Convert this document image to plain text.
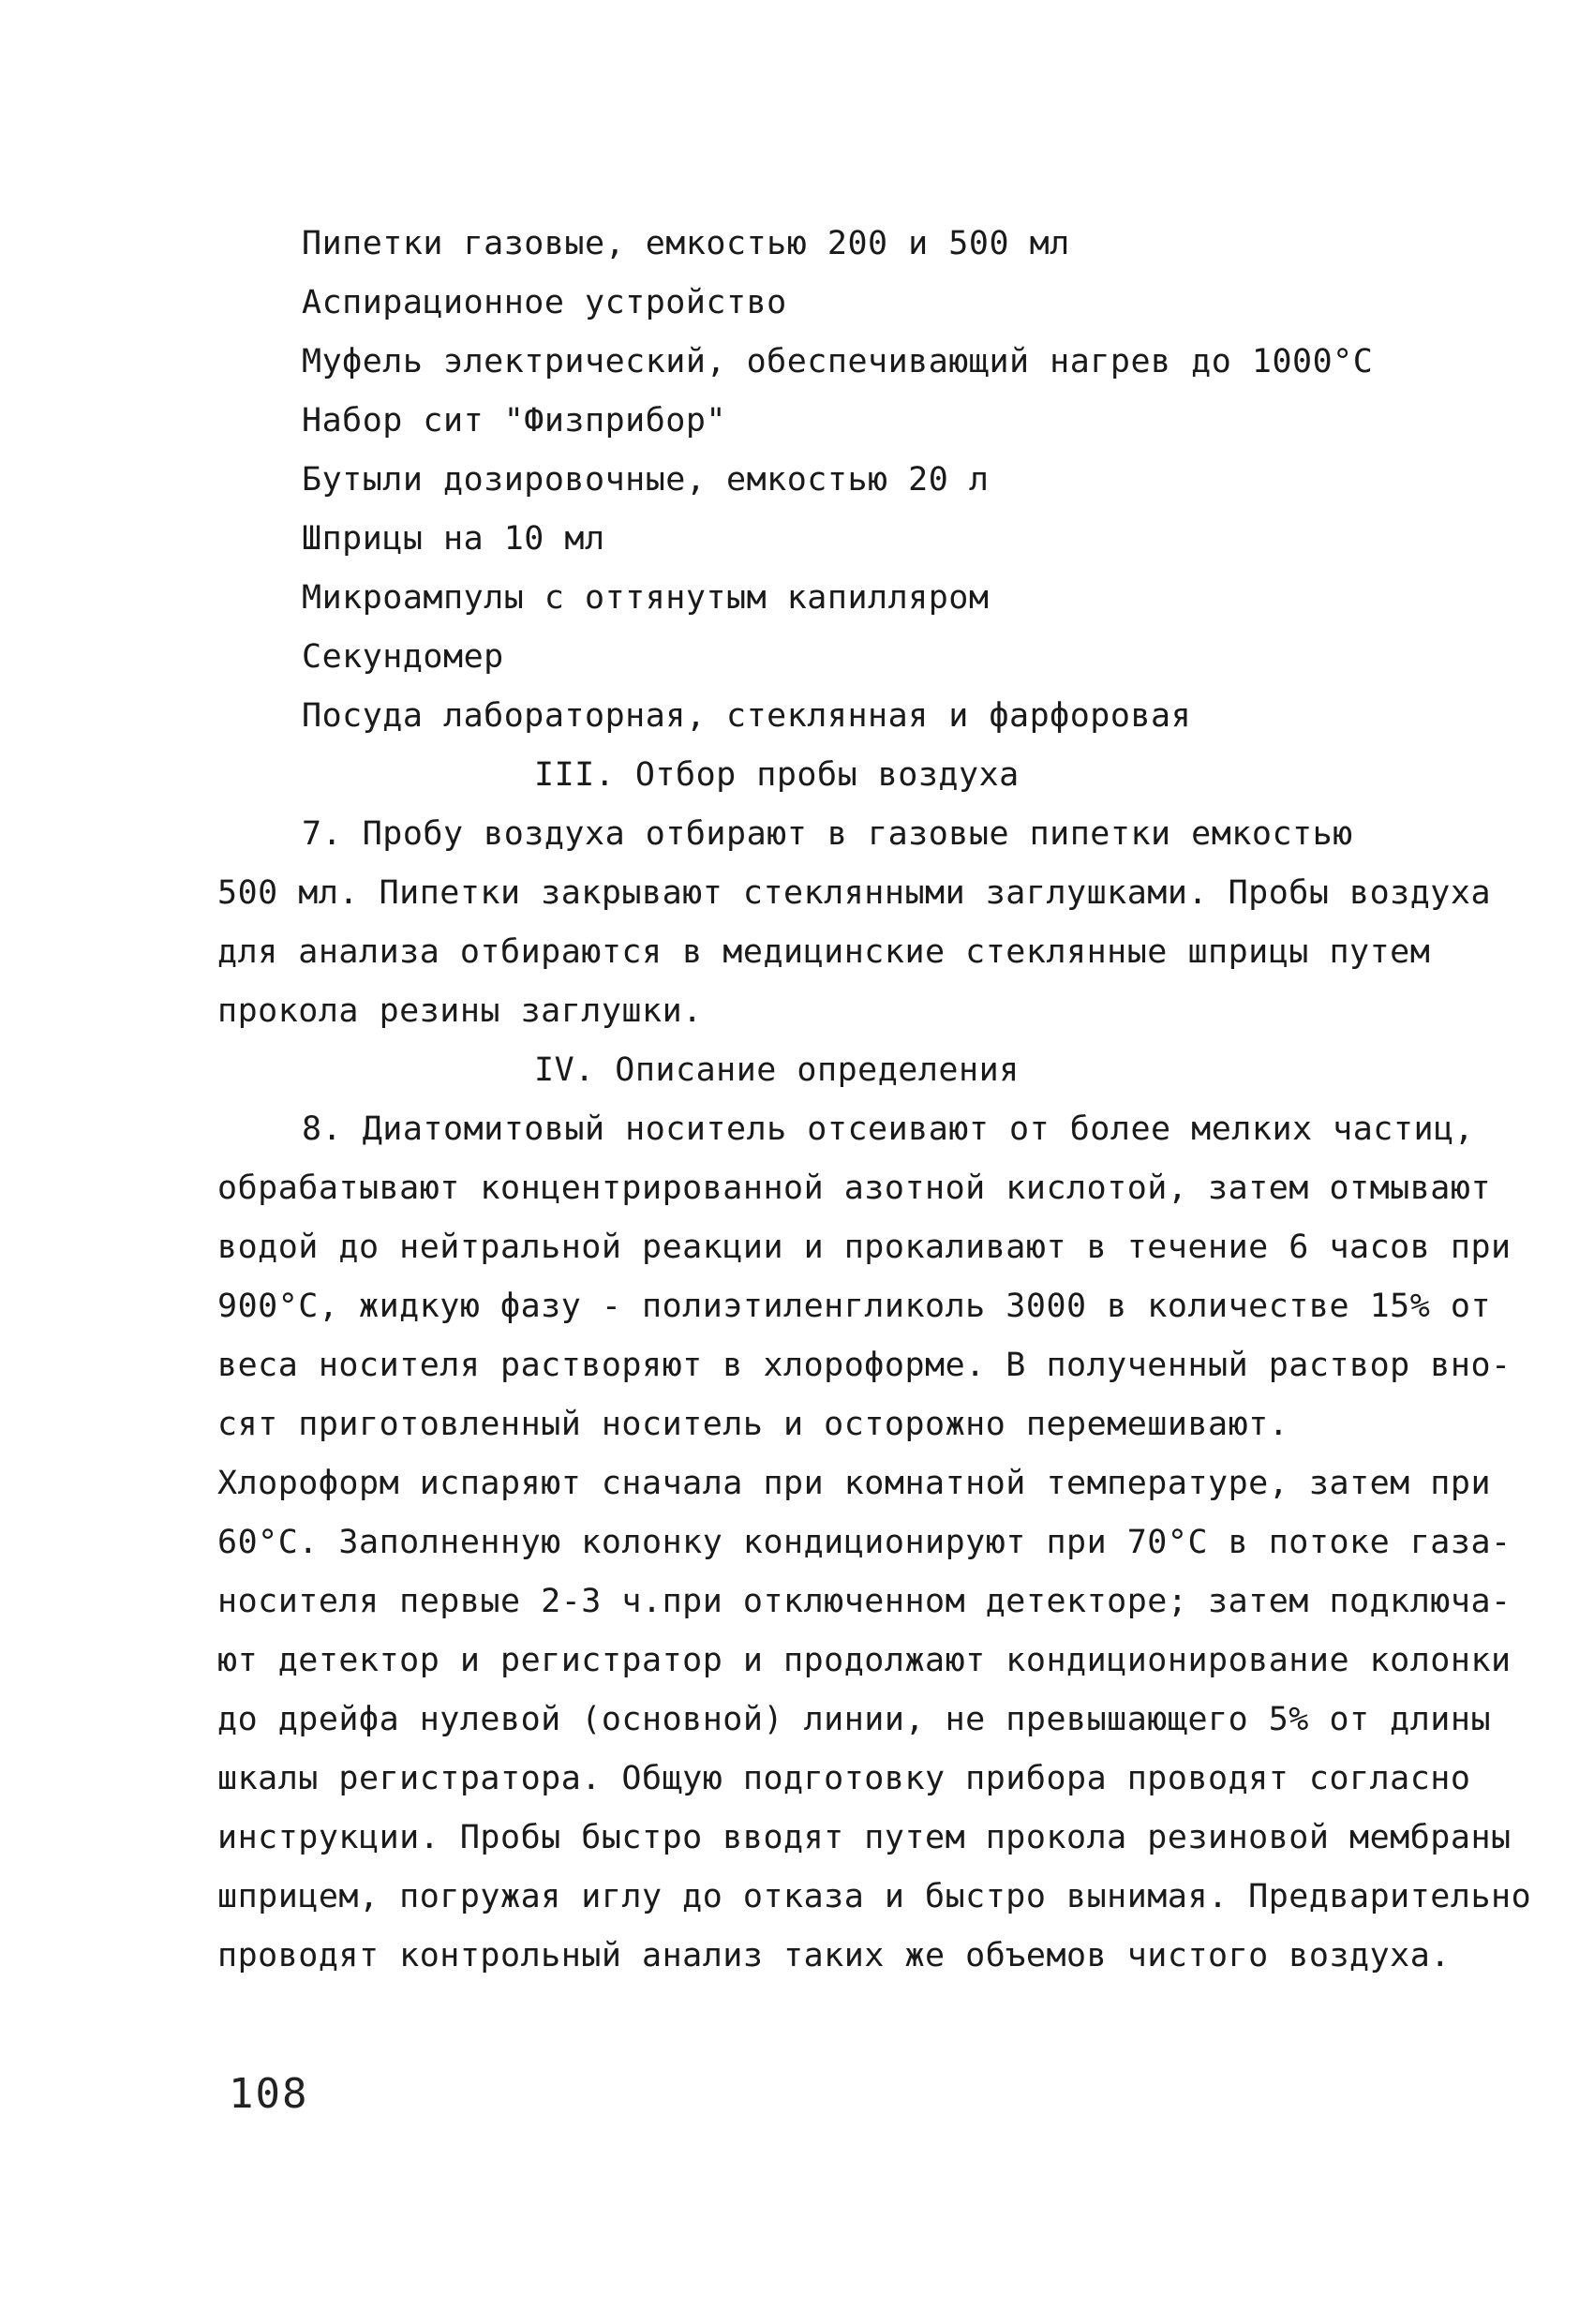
Пипетки газовые, емкостью 200 и 500 мл
Аспирационное устройство
Муфель электрический, обеспечивающий нагрев до 1000°C
Набор сит "Физприбор"
Бутыли дозировочные, емкостью 20 л
Шприцы на 10 мл
Микроампулы с оттянутым капилляром
Секундомер
Посуда лабораторная, стеклянная и фарфоровая
III. Отбор пробы воздуха
7. Пробу воздуха отбирают в газовые пипетки емкостью
500 мл. Пипетки закрывают стеклянными заглушками. Пробы воздуха
для анализа отбираются в медицинские стеклянные шприцы путем
прокола резины заглушки.
IV. Описание определения
8. Диатомитовый носитель отсеивают от более мелких частиц,
обрабатывают концентрированной азотной кислотой, затем отмывают
водой до нейтральной реакции и прокаливают в течение 6 часов при
900°C, жидкую фазу - полиэтиленгликоль 3000 в количестве 15% от
веса носителя растворяют в хлороформе. В полученный раствор вно-
сят приготовленный носитель и осторожно перемешивают.
Хлороформ испаряют сначала при комнатной температуре, затем при
60°C. Заполненную колонку кондиционируют при 70°C в потоке газа-
носителя первые 2-3 ч.при отключенном детекторе; затем подключа-
ют детектор и регистратор и продолжают кондиционирование колонки
до дрейфа нулевой (основной) линии, не превышающего 5% от длины
шкалы регистратора. Общую подготовку прибора проводят согласно
инструкции. Пробы быстро вводят путем прокола резиновой мембраны
шприцем, погружая иглу до отказа и быстро вынимая. Предварительно
проводят контрольный анализ таких же объемов чистого воздуха.
108
